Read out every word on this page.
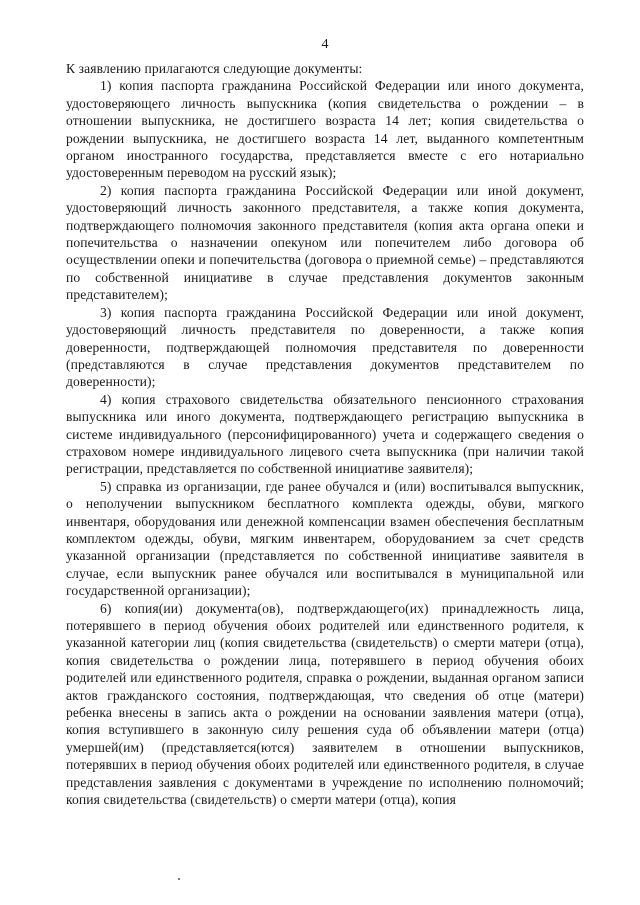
4

К заявлению прилагаются следующие документы:

1) копия паспорта гражданина Российской Федерации или иного документа, удостоверяющего личность выпускника (копия свидетельства о рождении – в отношении выпускника, не достигшего возраста 14 лет; копия свидетельства о рождении выпускника, не достигшего возраста 14 лет, выданного компетентным органом иностранного государства, представляется вместе с его нотариально удостоверенным переводом на русский язык);

2) копия паспорта гражданина Российской Федерации или иной документ, удостоверяющий личность законного представителя, а также копия документа, подтверждающего полномочия законного представителя (копия акта органа опеки и попечительства о назначении опекуном или попечителем либо договора об осуществлении опеки и попечительства (договора о приемной семье) – представляются по собственной инициативе в случае представления документов законным представителем);

3) копия паспорта гражданина Российской Федерации или иной документ, удостоверяющий личность представителя по доверенности, а также копия доверенности, подтверждающей полномочия представителя по доверенности (представляются в случае представления документов представителем по доверенности);

4) копия страхового свидетельства обязательного пенсионного страхования выпускника или иного документа, подтверждающего регистрацию выпускника в системе индивидуального (персонифицированного) учета и содержащего сведения о страховом номере индивидуального лицевого счета выпускника (при наличии такой регистрации, представляется по собственной инициативе заявителя);

5) справка из организации, где ранее обучался и (или) воспитывался выпускник, о неполучении выпускником бесплатного комплекта одежды, обуви, мягкого инвентаря, оборудования или денежной компенсации взамен обеспечения бесплатным комплектом одежды, обуви, мягким инвентарем, оборудованием за счет средств указанной организации (представляется по собственной инициативе заявителя в случае, если выпускник ранее обучался или воспитывался в муниципальной или государственной организации);

6) копия(ии) документа(ов), подтверждающего(их) принадлежность лица, потерявшего в период обучения обоих родителей или единственного родителя, к указанной категории лиц (копия свидетельства (свидетельств) о смерти матери (отца), копия свидетельства о рождении лица, потерявшего в период обучения обоих родителей или единственного родителя, справка о рождении, выданная органом записи актов гражданского состояния, подтверждающая, что сведения об отце (матери) ребенка внесены в запись акта о рождении на основании заявления матери (отца), копия вступившего в законную силу решения суда об объявлении матери (отца) умершей(им) (представляется(ются) заявителем в отношении выпускников, потерявших в период обучения обоих родителей или единственного родителя, в случае представления заявления с документами в учреждение по исполнению полномочий; копия свидетельства (свидетельств) о смерти матери (отца), копия
